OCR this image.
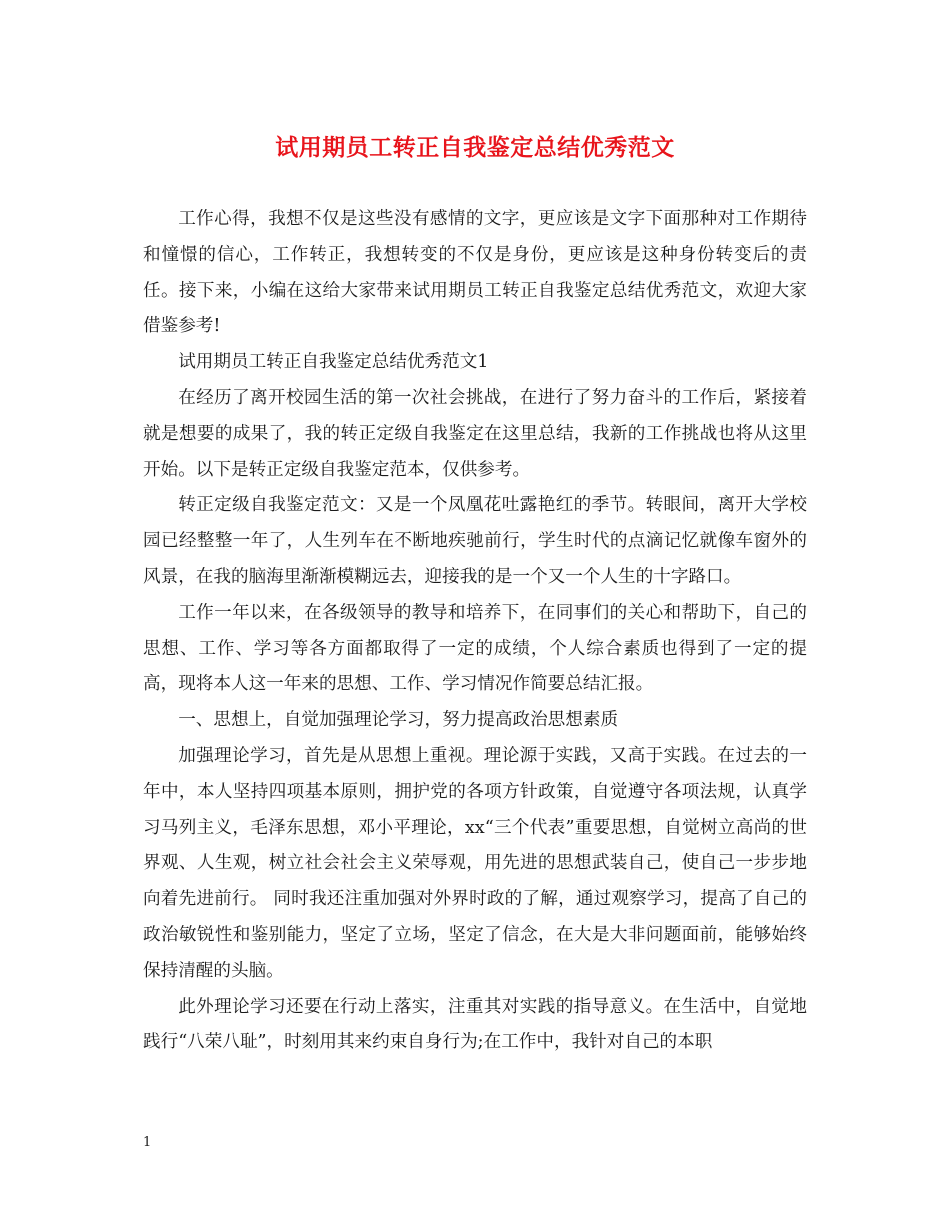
试用期员工转正自我鉴定总结优秀范文

工作心得，我想不仅是这些没有感情的文字，更应该是文字下面那种对工作期待和憧憬的信心，工作转正，我想转变的不仅是身份，更应该是这种身份转变后的责任。接下来，小编在这给大家带来试用期员工转正自我鉴定总结优秀范文，欢迎大家借鉴参考!

试用期员工转正自我鉴定总结优秀范文1

在经历了离开校园生活的第一次社会挑战，在进行了努力奋斗的工作后，紧接着就是想要的成果了，我的转正定级自我鉴定在这里总结，我新的工作挑战也将从这里开始。以下是转正定级自我鉴定范本，仅供参考。

转正定级自我鉴定范文：又是一个凤凰花吐露艳红的季节。转眼间，离开大学校园已经整整一年了，人生列车在不断地疾驰前行，学生时代的点滴记忆就像车窗外的风景，在我的脑海里渐渐模糊远去，迎接我的是一个又一个人生的十字路口。

工作一年以来，在各级领导的教导和培养下，在同事们的关心和帮助下，自己的思想、工作、学习等各方面都取得了一定的成绩，个人综合素质也得到了一定的提高，现将本人这一年来的思想、工作、学习情况作简要总结汇报。

一、思想上，自觉加强理论学习，努力提高政治思想素质

加强理论学习，首先是从思想上重视。理论源于实践，又高于实践。在过去的一年中，本人坚持四项基本原则，拥护党的各项方针政策，自觉遵守各项法规，认真学习马列主义，毛泽东思想，邓小平理论，xx“三个代表”重要思想，自觉树立高尚的世界观、人生观，树立社会社会主义荣辱观，用先进的思想武装自己，使自己一步步地向着先进前行。 同时我还注重加强对外界时政的了解，通过观察学习，提高了自己的政治敏锐性和鉴别能力，坚定了立场，坚定了信念，在大是大非问题面前，能够始终保持清醒的头脑。

此外理论学习还要在行动上落实，注重其对实践的指导意义。在生活中，自觉地践行“八荣八耻”，时刻用其来约束自身行为;在工作中，我针对自己的本职

1
